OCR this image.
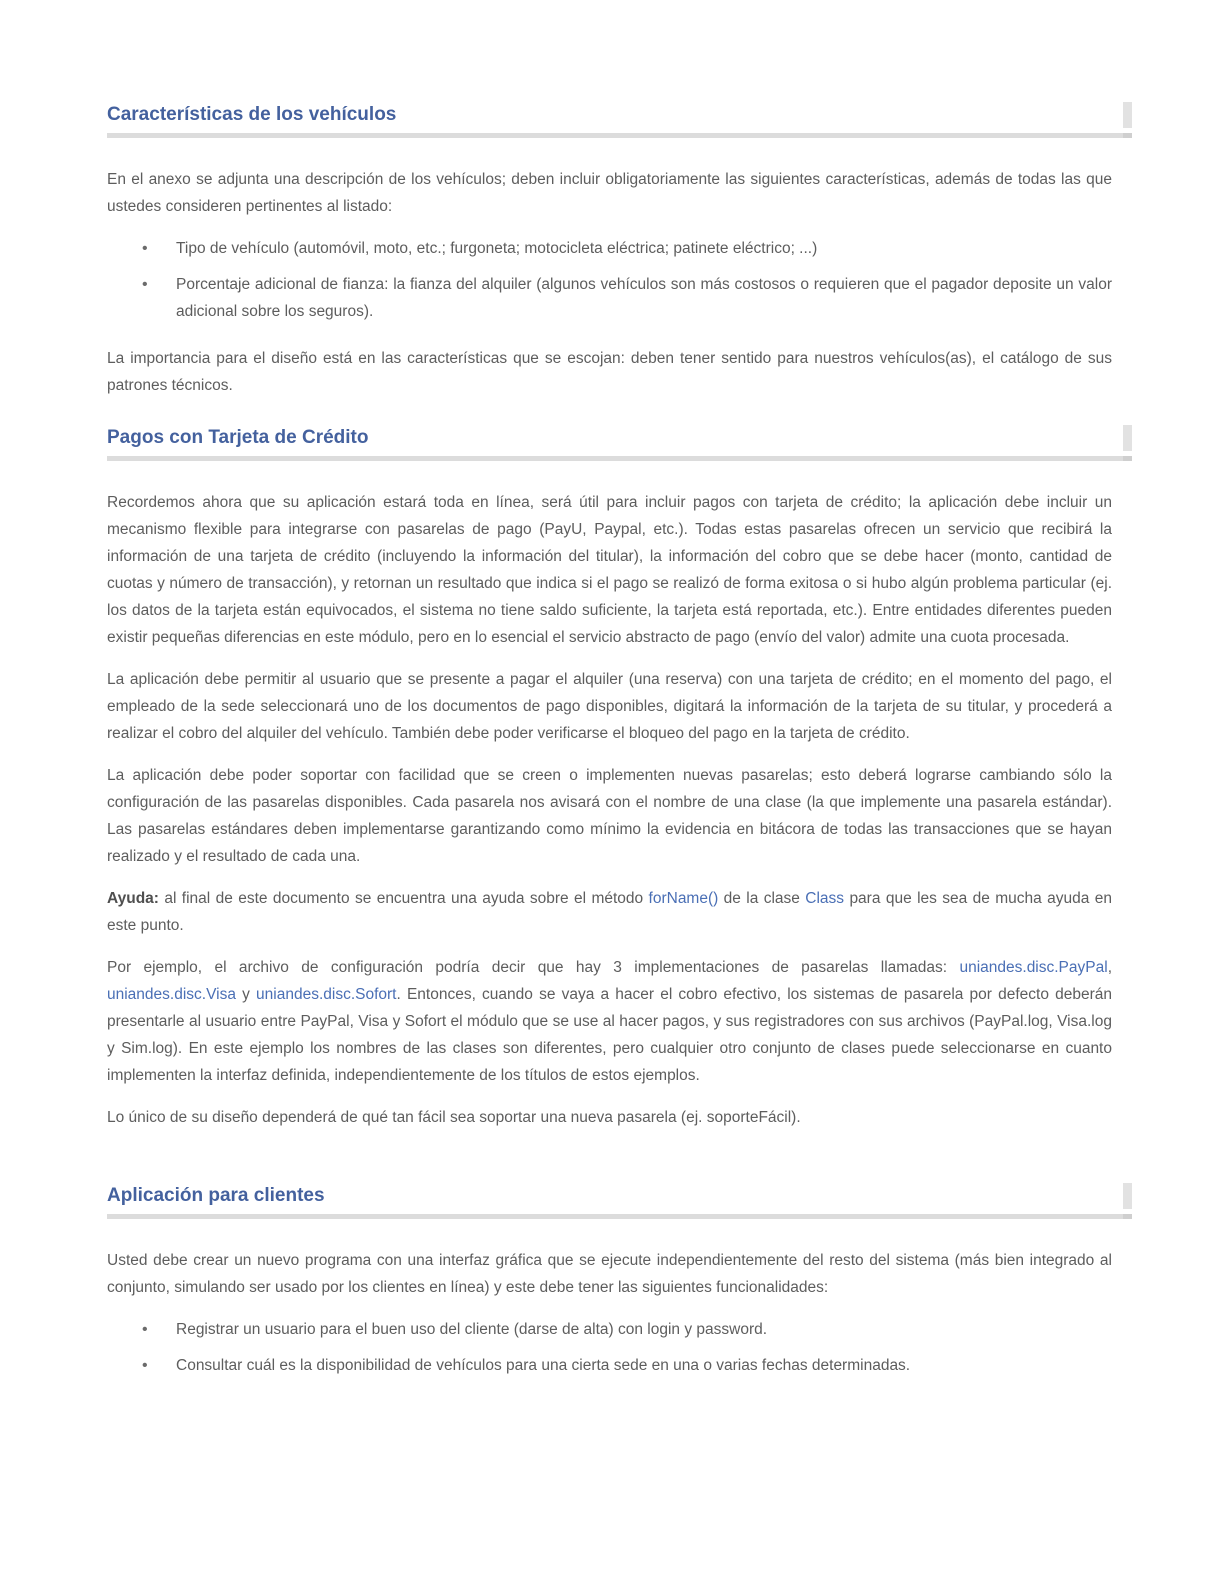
Características de los vehículos

En el anexo se adjunta una descripción de los vehículos; deben incluir obligatoriamente las siguientes características, además de todas las que ustedes consideren pertinentes al listado:

• Tipo de vehículo (automóvil, moto, etc.; furgoneta; motocicleta eléctrica; patinete eléctrico; ...)
• Porcentaje adicional de fianza: la fianza del alquiler (algunos vehículos son más costosos o requieren que el pagador deposite un valor adicional sobre los seguros).

La importancia para el diseño está en las características que se escojan: deben tener sentido para nuestros vehículos(as), el catálogo de sus patrones técnicos.

Pagos con Tarjeta de Crédito

Recordemos ahora que su aplicación estará toda en línea, será útil para incluir pagos con tarjeta de crédito; la aplicación debe incluir un mecanismo flexible para integrarse con pasarelas de pago (PayU, Paypal, etc.). Todas estas pasarelas ofrecen un servicio que recibirá la información de una tarjeta de crédito (incluyendo la información del titular), la información del cobro que se debe hacer (monto, cantidad de cuotas y número de transacción), y retornan un resultado que indica si el pago se realizó de forma exitosa o si hubo algún problema particular (ej. los datos de la tarjeta están equivocados, el sistema no tiene saldo suficiente, la tarjeta está reportada, etc.). Entre entidades diferentes pueden existir pequeñas diferencias en este módulo, pero en lo esencial el servicio abstracto de pago (envío del valor) admite una cuota procesada.

La aplicación debe permitir al usuario que se presente a pagar el alquiler (una reserva) con una tarjeta de crédito; en el momento del pago, el empleado de la sede seleccionará uno de los documentos de pago disponibles, digitará la información de la tarjeta de su titular, y procederá a realizar el cobro del alquiler del vehículo. También debe poder verificarse el bloqueo del pago en la tarjeta de crédito.

La aplicación debe poder soportar con facilidad que se creen o implementen nuevas pasarelas; esto deberá lograrse cambiando sólo la configuración de las pasarelas disponibles. Cada pasarela nos avisará con el nombre de una clase (la que implemente una pasarela estándar). Las pasarelas estándares deben implementarse garantizando como mínimo la evidencia en bitácora de todas las transacciones que se hayan realizado y el resultado de cada una.

Ayuda: al final de este documento se encuentra una ayuda sobre el método forName() de la clase Class para que les sea de mucha ayuda en este punto.

Por ejemplo, el archivo de configuración podría decir que hay 3 implementaciones de pasarelas llamadas: uniandes.disc.PayPal, uniandes.disc.Visa y uniandes.disc.Sofort. Entonces, cuando se vaya a hacer el cobro efectivo, los sistemas de pasarela por defecto deberán presentarle al usuario entre PayPal, Visa y Sofort el módulo que se use al hacer pagos, y sus registradores con sus archivos (PayPal.log, Visa.log y Sim.log). En este ejemplo los nombres de las clases son diferentes, pero cualquier otro conjunto de clases puede seleccionarse en cuanto implementen la interfaz definida, independientemente de los títulos de estos ejemplos.

Lo único de su diseño dependerá de qué tan fácil sea soportar una nueva pasarela (ej. soporteFácil).

Aplicación para clientes

Usted debe crear un nuevo programa con una interfaz gráfica que se ejecute independientemente del resto del sistema (más bien integrado al conjunto, simulando ser usado por los clientes en línea) y este debe tener las siguientes funcionalidades:

• Registrar un usuario para el buen uso del cliente (darse de alta) con login y password.
• Consultar cuál es la disponibilidad de vehículos para una cierta sede en una o varias fechas determinadas.
